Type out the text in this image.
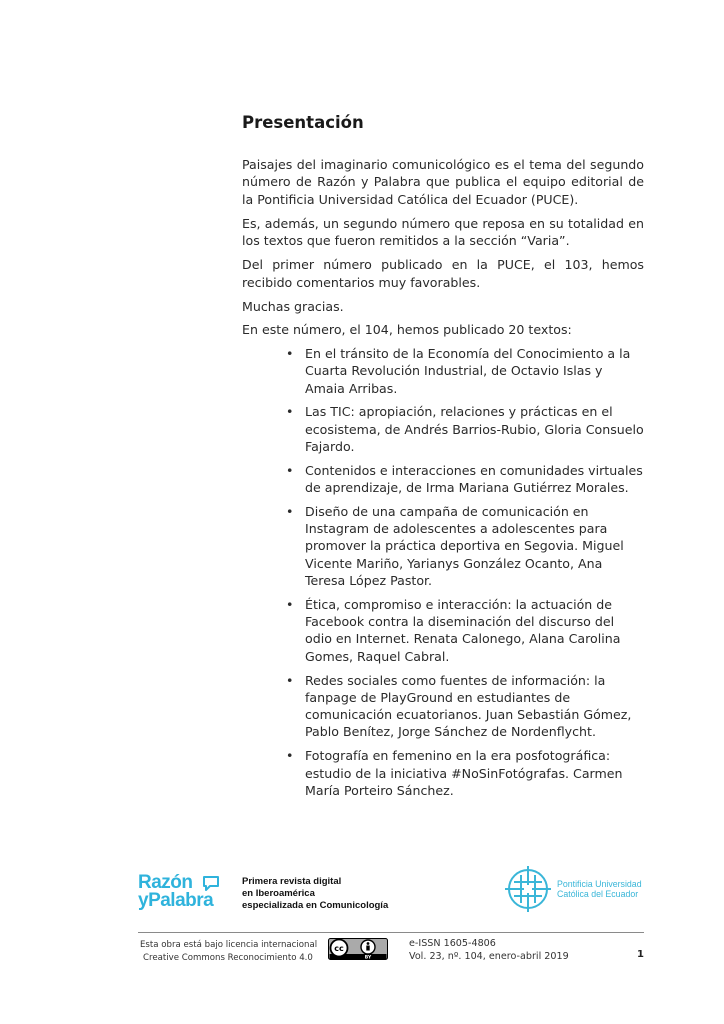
Presentación

Paisajes del imaginario comunicológico es el tema del segundo número de Razón y Palabra que publica el equipo editorial de la Pontificia Universidad Católica del Ecuador (PUCE).

Es, además, un segundo número que reposa en su totalidad en los textos que fueron remitidos a la sección “Varia”.

Del primer número publicado en la PUCE, el 103, hemos recibido comentarios muy favorables.

Muchas gracias.

En este número, el 104, hemos publicado 20 textos:

• En el tránsito de la Economía del Conocimiento a la Cuarta Revolución Industrial, de Octavio Islas y Amaia Arribas.
• Las TIC: apropiación, relaciones y prácticas en el ecosistema, de Andrés Barrios-Rubio, Gloria Consuelo Fajardo.
• Contenidos e interacciones en comunidades virtuales de aprendizaje, de Irma Mariana Gutiérrez Morales.
• Diseño de una campaña de comunicación en Instagram de adolescentes a adolescentes para promover la práctica deportiva en Segovia. Miguel Vicente Mariño, Yarianys González Ocanto, Ana Teresa López Pastor.
• Ética, compromiso e interacción: la actuación de Facebook contra la diseminación del discurso del odio en Internet. Renata Calonego, Alana Carolina Gomes, Raquel Cabral.
• Redes sociales como fuentes de información: la fanpage de PlayGround en estudiantes de comunicación ecuatorianos. Juan Sebastián Gómez, Pablo Benítez, Jorge Sánchez de Nordenflycht.
• Fotografía en femenino en la era posfotográfica: estudio de la iniciativa #NoSinFotógrafas. Carmen María Porteiro Sánchez.
Razón
yPalabra
Primera revista digital
en Iberoamérica
especializada en Comunicología
Pontificia Universidad
Católica del Ecuador
Esta obra está bajo licencia internacional
Creative Commons Reconocimiento 4.0
cc
BY
e-ISSN 1605-4806
Vol. 23, nº. 104, enero-abril 2019	1
